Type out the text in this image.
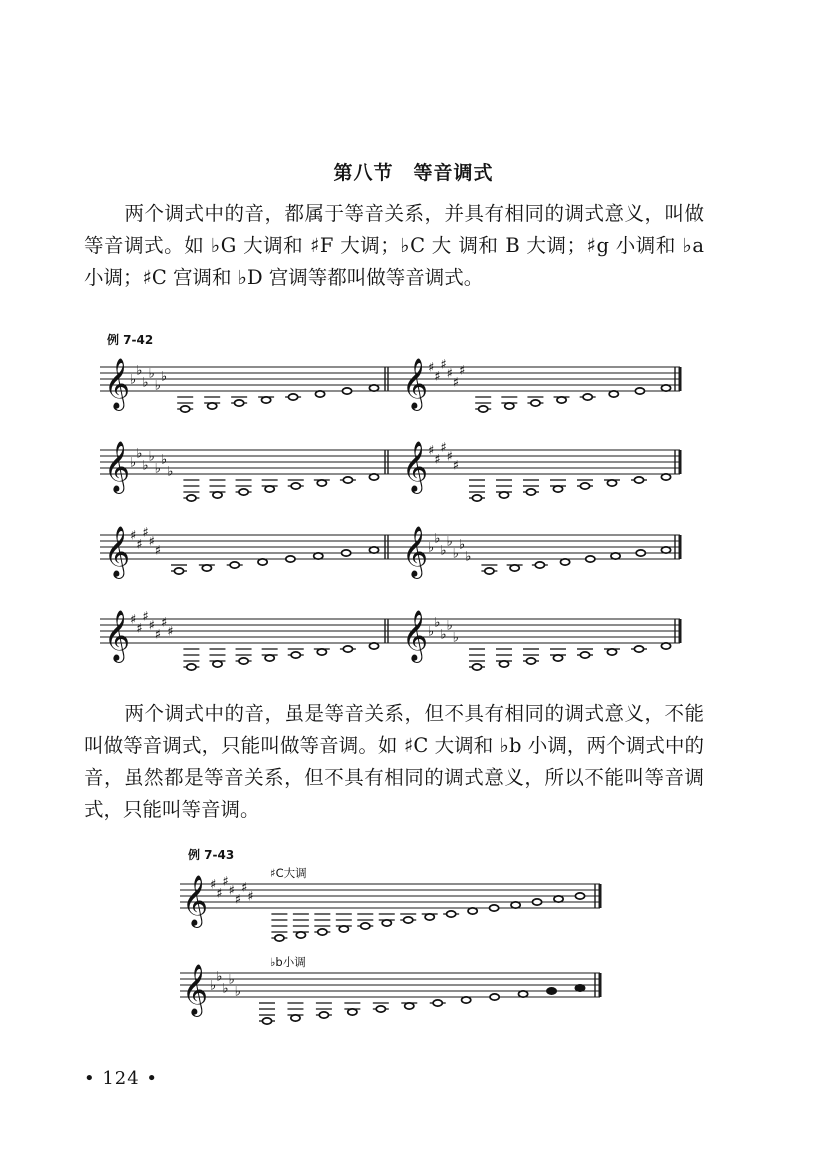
第八节　等音调式

两个调式中的音，都属于等音关系，并具有相同的调式意义，叫做等音调式。如 ♭G 大调和 ♯F 大调；♭C 大 调和 B 大调；♯g 小调和 ♭a 小调；♯C 宫调和 ♭D 宫调等都叫做等音调式。

例 7-42
𝄞 ♭
♭
♭
♭
♭
♭	𝄞 ♯
♯
♯
♯
♯
♯
𝄞 ♭
♭
♭
♭
♭
♭
♭	𝄞 ♯
♯
♯
♯
♯
𝄞 ♯
♯
♯
♯
♯	𝄞 ♭
♭
♭
♭
♭
♭
♭
𝄞 ♯
♯
♯
♯
♯
♯
♯	𝄞 ♭
♭
♭
♭
♭

两个调式中的音，虽是等音关系，但不具有相同的调式意义，不能叫做等音调式，只能叫做等音调。如 ♯C 大调和 ♭b 小调，两个调式中的音，虽然都是等音关系，但不具有相同的调式意义，所以不能叫等音调式，只能叫等音调。

例 7-43
♯C大调
♭b小调
𝄞 ♯
♯
♯
♯
♯
♯
♯
𝄞 ♭
♭
♭
♭
♭
• 124 •
